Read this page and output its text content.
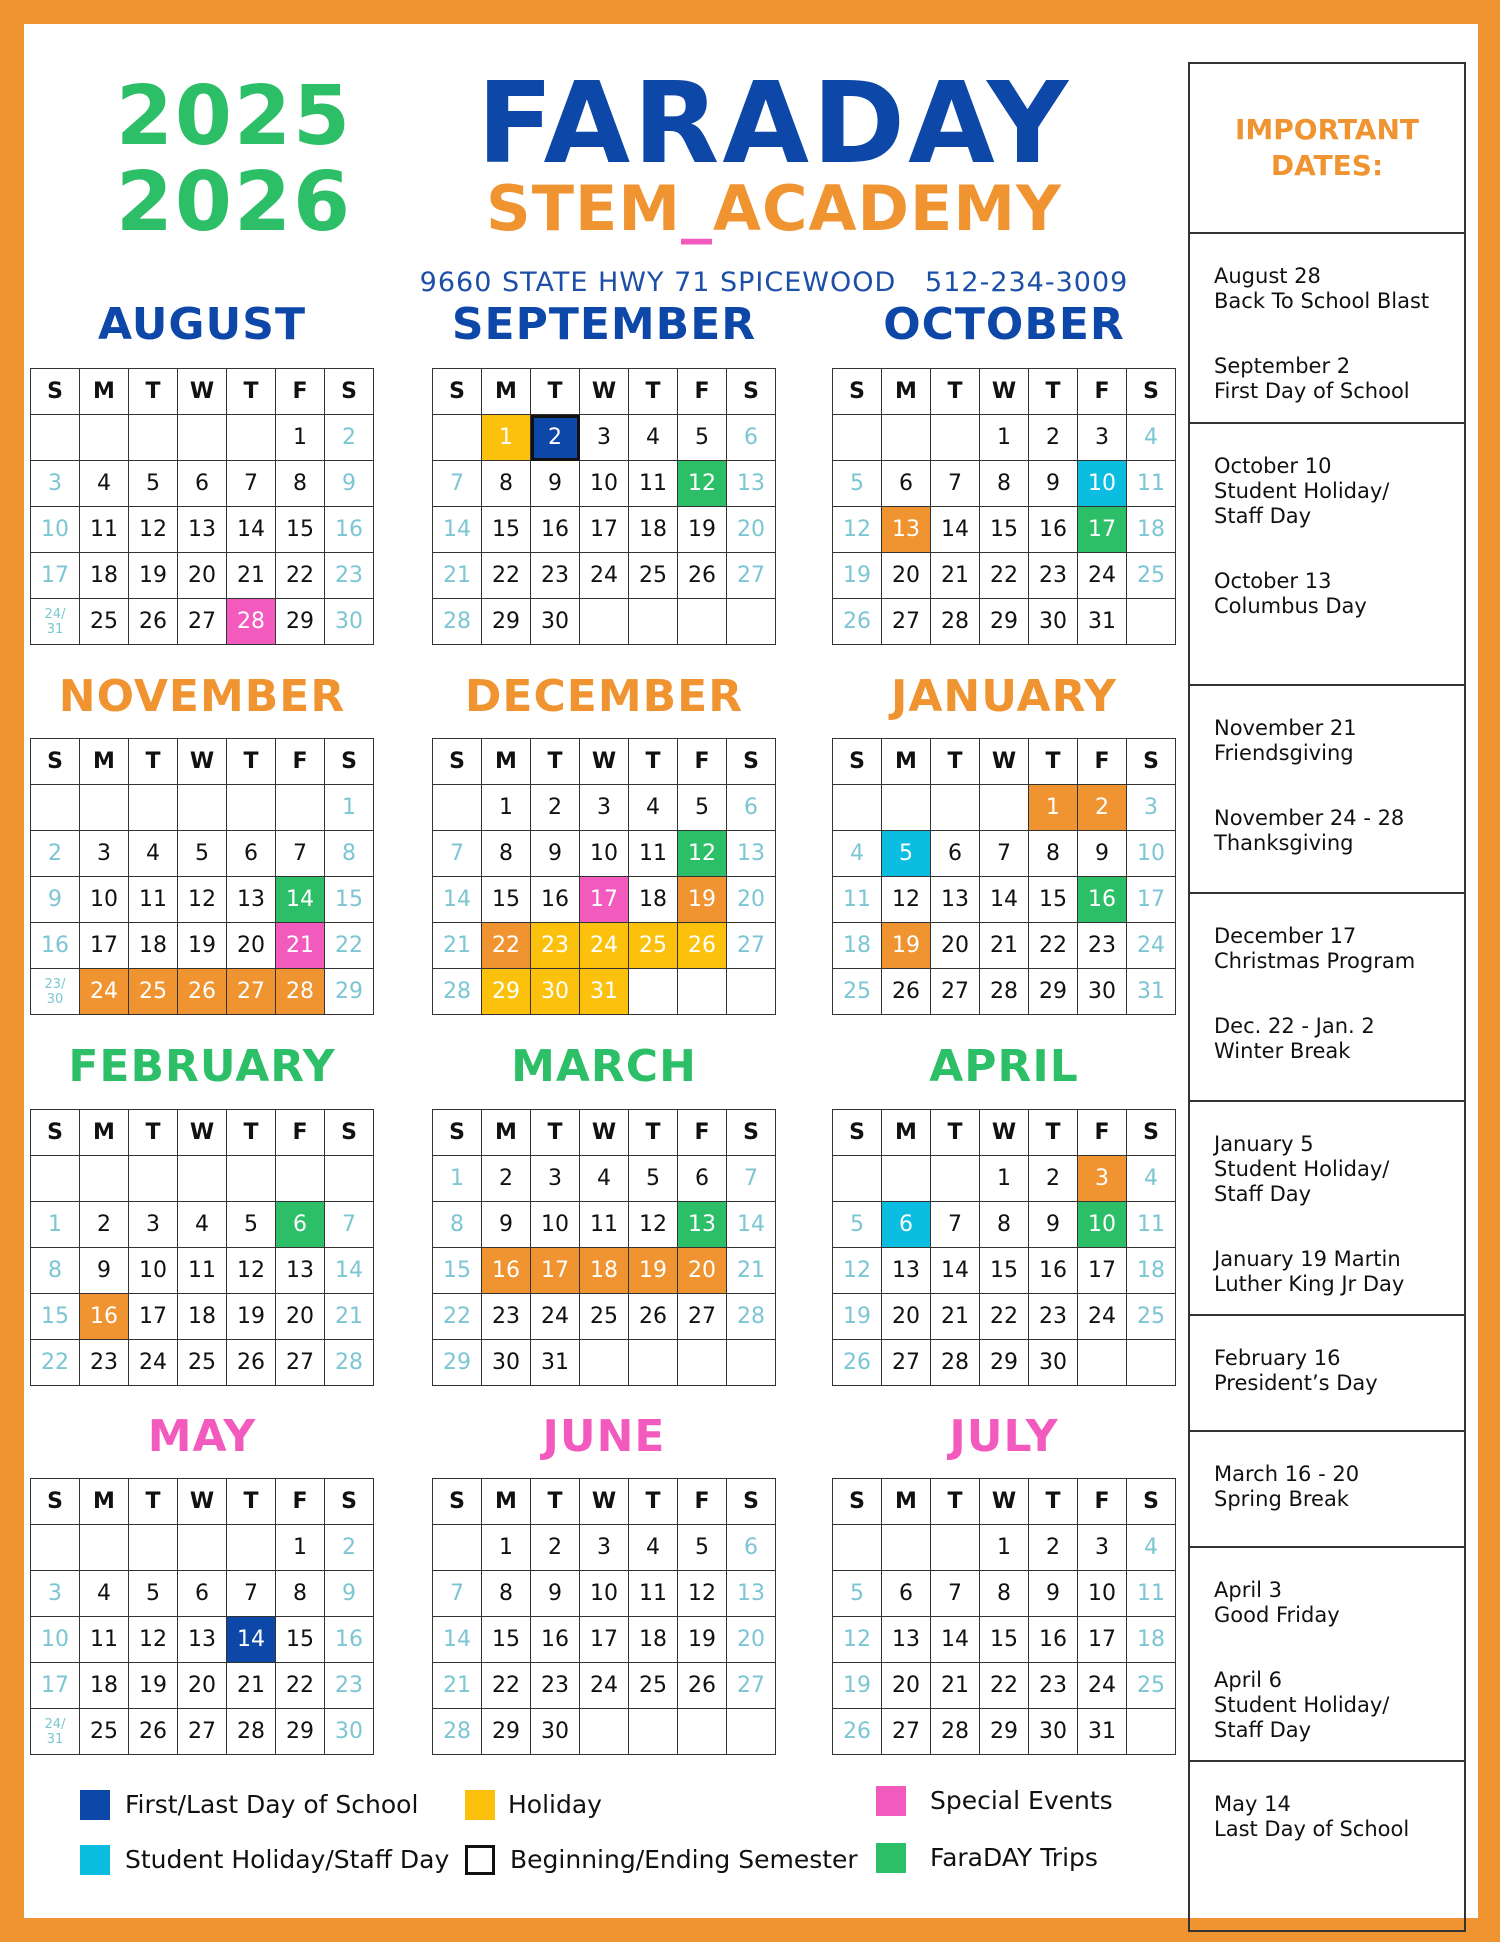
2025
2026
FARADAY
STEM_ACADEMY
9660 STATE HWY 71 SPICEWOOD 512-234-3009
AUGUST
S	M	T	W	T	F	S
					1	2
3	4	5	6	7	8	9
10	11	12	13	14	15	16
17	18	19	20	21	22	23
24/
31	25	26	27	28	29	30
SEPTEMBER
S	M	T	W	T	F	S
	1	2	3	4	5	6
7	8	9	10	11	12	13
14	15	16	17	18	19	20
21	22	23	24	25	26	27
28	29	30				
OCTOBER
S	M	T	W	T	F	S
			1	2	3	4
5	6	7	8	9	10	11
12	13	14	15	16	17	18
19	20	21	22	23	24	25
26	27	28	29	30	31	
NOVEMBER
S	M	T	W	T	F	S
						1
2	3	4	5	6	7	8
9	10	11	12	13	14	15
16	17	18	19	20	21	22
23/
30	24	25	26	27	28	29
DECEMBER
S	M	T	W	T	F	S
	1	2	3	4	5	6
7	8	9	10	11	12	13
14	15	16	17	18	19	20
21	22	23	24	25	26	27
28	29	30	31			
JANUARY
S	M	T	W	T	F	S
				1	2	3
4	5	6	7	8	9	10
11	12	13	14	15	16	17
18	19	20	21	22	23	24
25	26	27	28	29	30	31
FEBRUARY
S	M	T	W	T	F	S

1	2	3	4	5	6	7
8	9	10	11	12	13	14
15	16	17	18	19	20	21
22	23	24	25	26	27	28
MARCH
S	M	T	W	T	F	S
1	2	3	4	5	6	7
8	9	10	11	12	13	14
15	16	17	18	19	20	21
22	23	24	25	26	27	28
29	30	31				
APRIL
S	M	T	W	T	F	S
			1	2	3	4
5	6	7	8	9	10	11
12	13	14	15	16	17	18
19	20	21	22	23	24	25
26	27	28	29	30		
MAY
S	M	T	W	T	F	S
					1	2
3	4	5	6	7	8	9
10	11	12	13	14	15	16
17	18	19	20	21	22	23
24/
31	25	26	27	28	29	30
JUNE
S	M	T	W	T	F	S
	1	2	3	4	5	6
7	8	9	10	11	12	13
14	15	16	17	18	19	20
21	22	23	24	25	26	27
28	29	30				
JULY
S	M	T	W	T	F	S
			1	2	3	4
5	6	7	8	9	10	11
12	13	14	15	16	17	18
19	20	21	22	23	24	25
26	27	28	29	30	31	
First/Last Day of School	Holiday	Special Events
Student Holiday/Staff Day Beginning/Ending Semester	FaraDAY Trips
IMPORTANT
DATES:
August 28
Back To School Blast
September 2
First Day of School
October 10
Student Holiday/
Staff Day
October 13
Columbus Day
November 21
Friendsgiving
November 24 - 28
Thanksgiving
December 17
Christmas Program
Dec. 22 - Jan. 2
Winter Break
January 5
Student Holiday/
Staff Day
January 19 Martin
Luther King Jr Day
February 16
President’s Day
March 16 - 20
Spring Break
April 3
Good Friday
April 6
Student Holiday/
Staff Day
May 14
Last Day of School
